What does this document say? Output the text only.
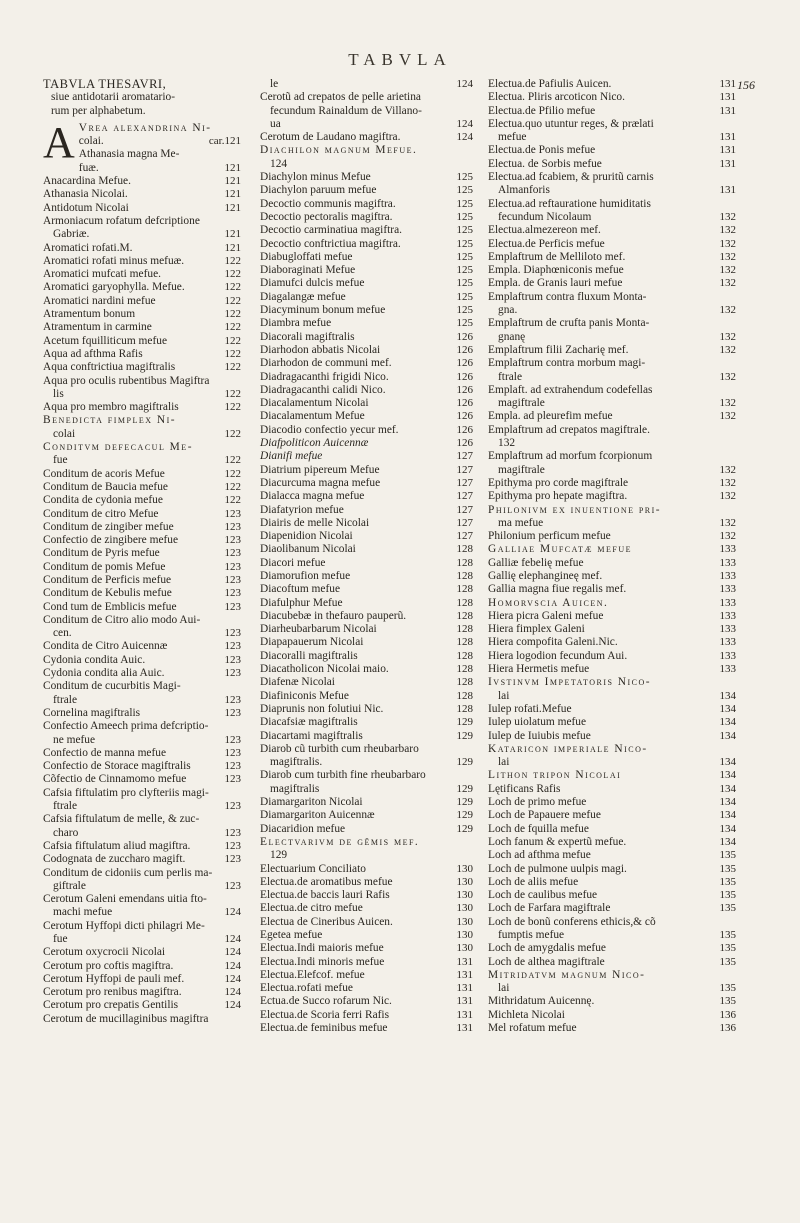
TABVLA
156
TABVLA THESAVRI,
siue antidotarii aromatario-
rum per alphabetum.
A Vrea alexandrina Ni-
colai.	car.121
Athanasia magna Me-
fuæ.	121
Anacardina Mefue.	121
Athanasia Nicolai.	121
Antidotum Nicolai	121
Armoniacum rofatum defcriptione
Gabriæ.	121
Aromatici rofati.M.	121
Aromatici rofati minus mefuæ.	122
Aromatici mufcati mefue.	122
Aromatici garyophylla. Mefue.	122
Aromatici nardini mefue	122
Atramentum bonum	122
Atramentum in carmine	122
Acetum fquilliticum mefue	122
Aqua ad afthma Rafis	122
Aqua conftrictiua magiftralis	122
Aqua pro oculis rubentibus Magiftra
lis	122
Aqua pro membro magiftralis	122
Benedicta fimplex Ni-
colai	122
Conditvm defecacul Me-
fue	122
Conditum de acoris Mefue	122
Conditum de Baucia mefue	122
Condita de cydonia mefue	122
Conditum de citro Mefue	123
Conditum de zingiber mefue	123
Confectio de zingibere mefue	123
Conditum de Pyris mefue	123
Conditum de pomis Mefue	123
Conditum de Perficis mefue	123
Conditum de Kebulis mefue	123
Cond tum de Emblicis mefue	123
Conditum de Citro alio modo Aui-
cen.	123
Condita de Citro Auicennæ	123
Cydonia condita Auic.	123
Cydonia condita alia Auic.	123
Conditum de cucurbitis Magi-
ftrale	123
Cornelina magiftralis	123
Confectio Ameech prima defcriptio-
ne mefue	123
Confectio de manna mefue	123
Confectio de Storace magiftralis	123
Cõfectio de Cinnamomo mefue	123
Cafsia fiftulatim pro clyfteriis magi-
ftrale	123
Cafsia fiftulatum de melle, & zuc-
charo	123
Cafsia fiftulatum aliud magiftra.	123
Codognata de zuccharo magift.	123
Conditum de cidoniis cum perlis ma-
giftrale	123
Cerotum Galeni emendans uitia fto-
machi mefue	124
Cerotum Hyffopi dicti philagri Me-
fue	124
Cerotum oxycrocii Nicolai	124
Cerotum pro coftis magiftra.	124
Cerotum Hyffopi de pauli mef.	124
Cerotum pro renibus magiftra.	124
Cerotum pro crepatis Gentilis	124
Cerotum de mucillaginibus magiftra
le	124
Cerotũ ad crepatos de pelle arietina
fecundum Rainaldum de Villano-
ua	124
Cerotum de Laudano magiftra.	124
Diachilon magnum Mefue.
124
Diachylon minus Mefue	125
Diachylon paruum mefue	125
Decoctio communis magiftra.	125
Decoctio pectoralis magiftra.	125
Decoctio carminatiua magiftra.	125
Decoctio conftrictiua magiftra.	125
Diabugloffati mefue	125
Diaboraginati Mefue	125
Diamufci dulcis mefue	125
Diagalangæ mefue	125
Diacyminum bonum mefue	125
Diambra mefue	125
Diacorali magiftralis	126
Diarhodon abbatis Nicolai	126
Diarhodon de communi mef.	126
Diadragacanthi frigidi Nico.	126
Diadragacanthi calidi Nico.	126
Diacalamentum Nicolai	126
Diacalamentum Mefue	126
Diacodio confectio yecur mef.	126
Diafpoliticon Auicennæ	126
Dianifi mefue	127
Diatrium pipereum Mefue	127
Diacurcuma magna mefue	127
Dialacca magna mefue	127
Diafatyrion mefue	127
Diairis de melle Nicolai	127
Diapenidion Nicolai	127
Diaolibanum Nicolai	128
Diacori mefue	128
Diamorufion mefue	128
Diacoftum mefue	128
Diafulphur Mefue	128
Diacubebæ in thefauro pauperũ.	128
Diarheubarbarum Nicolai	128
Diapapauerum Nicolai	128
Diacoralli magiftralis	128
Diacatholicon Nicolai maio.	128
Diafenæ Nicolai	128
Diafiniconis Mefue	128
Diaprunis non folutiui Nic.	128
Diacafsiæ magiftralis	129
Diacartami magiftralis	129
Diarob cũ turbith cum rheubarbaro
magiftralis.	129
Diarob cum turbith fine rheubarbaro
magiftralis	129
Diamargariton Nicolai	129
Diamargariton Auicennæ	129
Diacaridion mefue	129
Electvarivm de gẽmis mef.
129
Electuarium Conciliato	130
Electua.de aromatibus mefue	130
Electua.de baccis lauri Rafis	130
Electua.de citro mefue	130
Electua de Cineribus Auicen.	130
Egetea mefue	130
Electua.Indi maioris mefue	130
Electua.Indi minoris mefue	131
Electua.Elefcof. mefue	131
Electua.rofati mefue	131
Ectua.de Succo rofarum Nic.	131
Electua.de Scoria ferri Rafis	131
Electua.de feminibus mefue	131
Electua.de Pafiulis Auicen.	131
Electua. Pliris arcoticon Nico.	131
Electua.de Pfilio mefue	131
Electua.quo utuntur reges, & prælati
mefue	131
Electua.de Ponis mefue	131
Electua. de Sorbis mefue	131
Electua.ad fcabiem, & pruritũ carnis
Almanforis	131
Electua.ad reftauratione humiditatis
fecundum Nicolaum	132
Electua.almezereon mef.	132
Electua.de Perficis mefue	132
Emplaftrum de Melliloto mef.	132
Empla. Diaphœniconis mefue	132
Empla. de Granis lauri mefue	132
Emplaftrum contra fluxum Monta-
gna.	132
Emplaftrum de crufta panis Monta-
gnanę	132
Emplaftrum filii Zacharię mef.	132
Emplaftrum contra morbum magi-
ftrale	132
Emplaft. ad extrahendum codefellas
magiftrale	132
Empla. ad pleurefim mefue	132
Emplaftrum ad crepatos magiftrale.
132
Emplaftrum ad morfum fcorpionum
magiftrale	132
Epithyma pro corde magiftrale	132
Epithyma pro hepate magiftra.	132
Philonivm ex inuentione pri-
ma mefue	132
Philonium perficum mefue	132
Galliae Mufcatæ mefue	133
Galliæ febelię mefue	133
Gallię elephangineę mef.	133
Gallia magna fiue regalis mef.	133
Homorvscia Auicen.	133
Hiera picra Galeni mefue	133
Hiera fimplex Galeni	133
Hiera compofita Galeni.Nic.	133
Hiera logodion fecundum Aui.	133
Hiera Hermetis mefue	133
Ivstinvm Impetatoris Nico-
lai	134
Iulep rofati.Mefue	134
Iulep uiolatum mefue	134
Iulep de Iuiubis mefue	134
Kataricon imperiale Nico-
lai	134
Lithon tripon Nicolai	134
Lętificans Rafis	134
Loch de primo mefue	134
Loch de Papauere mefue	134
Loch de fquilla mefue	134
Loch fanum & expertũ mefue.	134
Loch ad afthma mefue	135
Loch de pulmone uulpis magi.	135
Loch de aliis mefue	135
Loch de caulibus mefue	135
Loch de Farfara magiftrale	135
Loch de bonũ conferens ethicis,& cõ
fumptis mefue	135
Loch de amygdalis mefue	135
Loch de althea magiftrale	135
Mitridatvm magnum Nico-
lai	135
Mithridatum Auicennę.	135
Michleta Nicolai	136
Mel rofatum mefue	136
